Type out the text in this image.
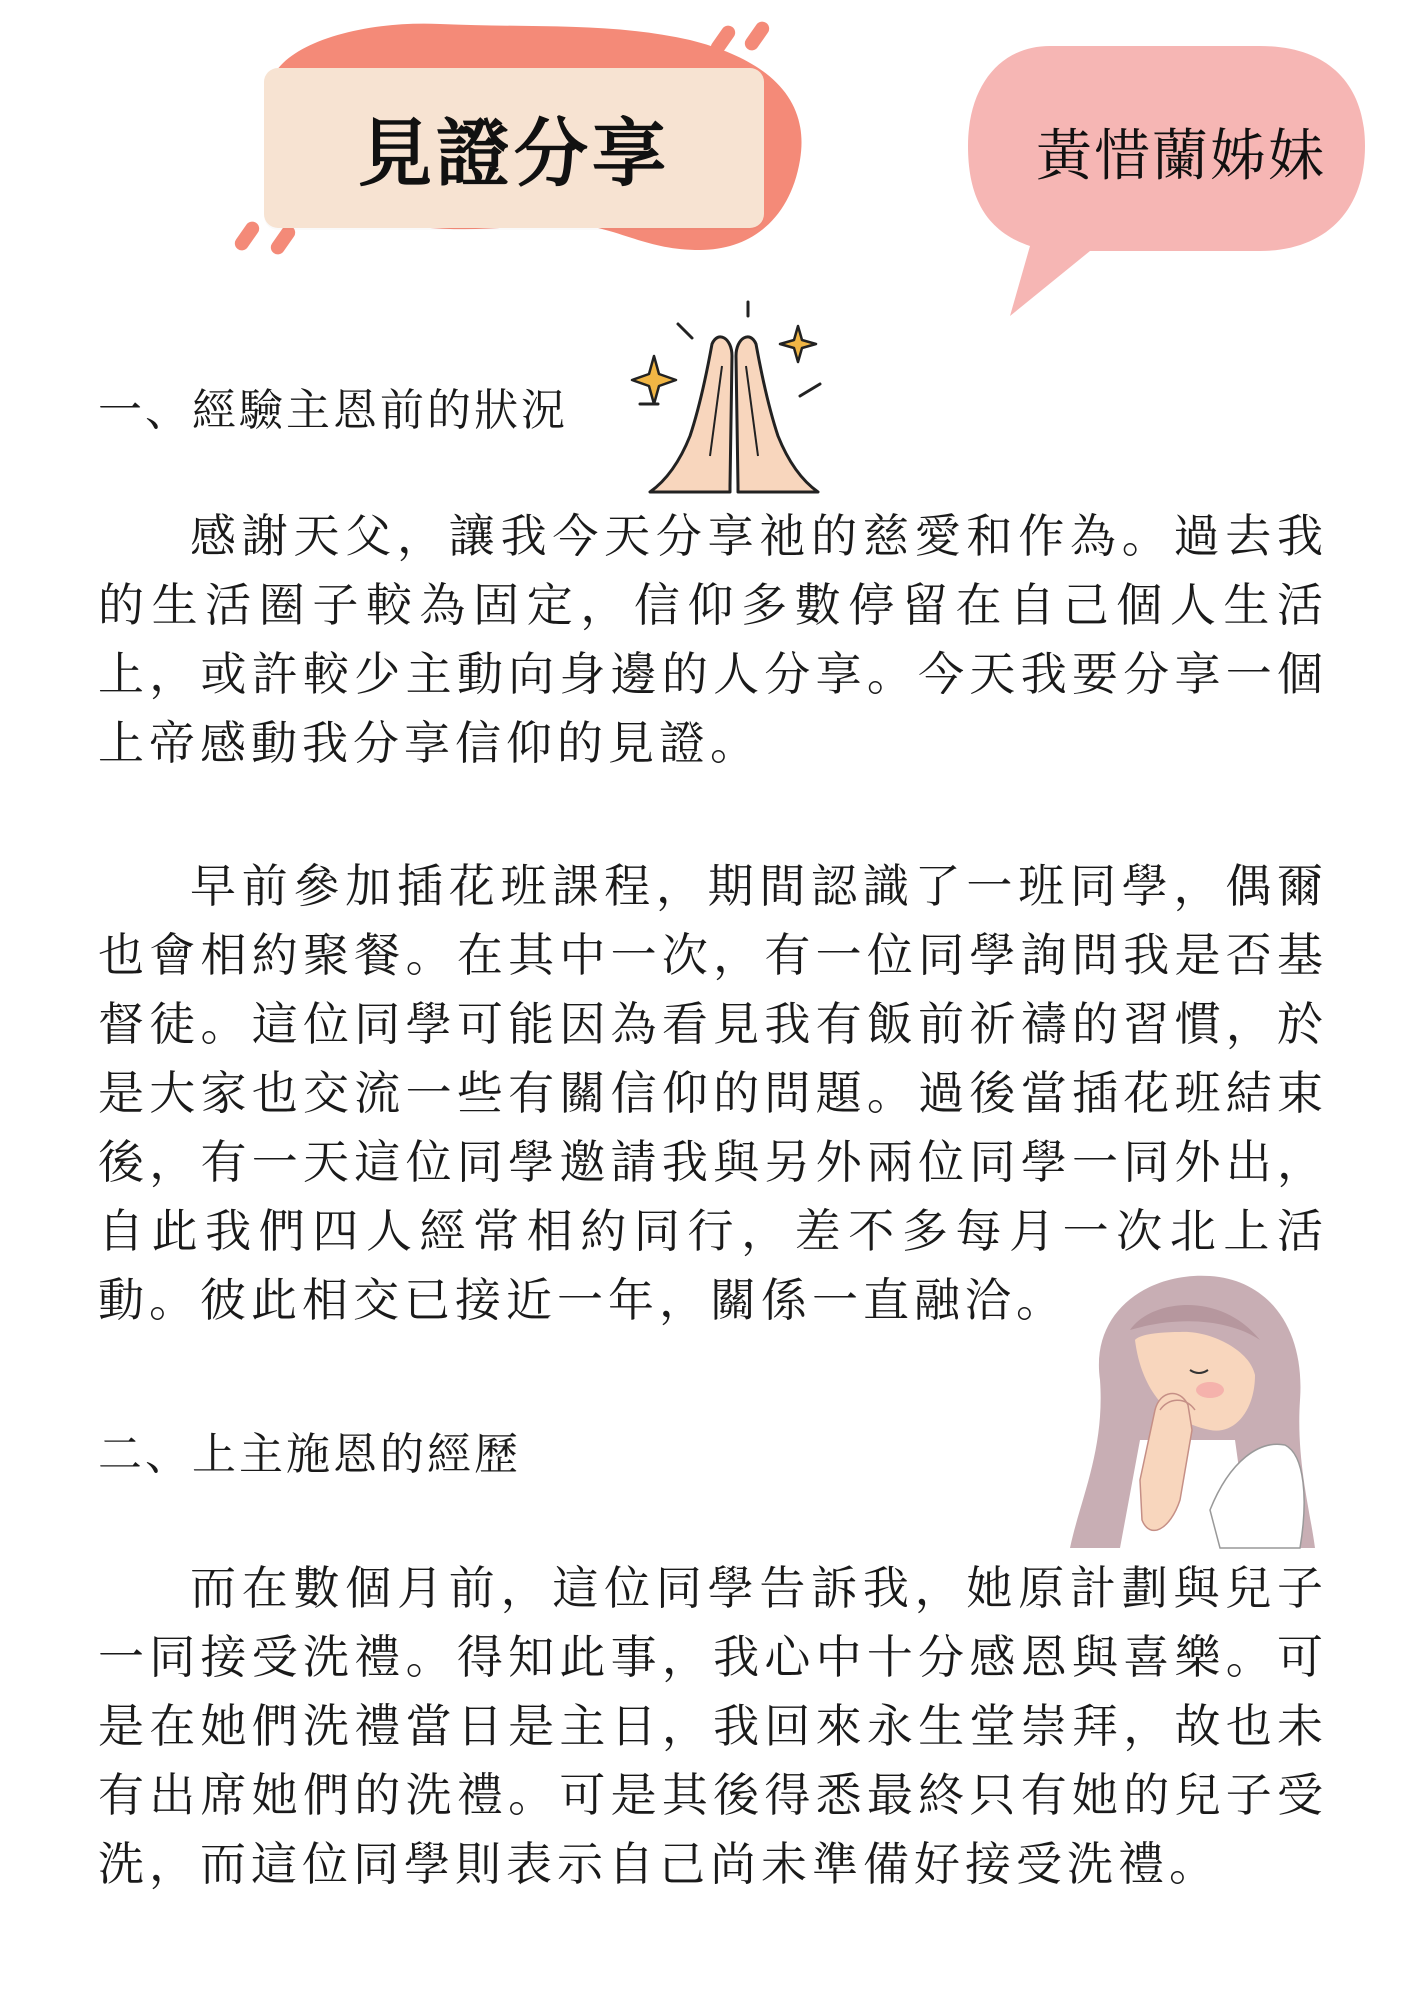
見證分享	黃惜蘭姊妹
一、經驗主恩前的狀況

感謝天父，讓我今天分享祂的慈愛和作為。過去我的生活圈子較為固定，信仰多數停留在自己個人生活上，或許較少主動向身邊的人分享。今天我要分享一個上帝感動我分享信仰的見證。

早前參加插花班課程，期間認識了一班同學，偶爾也會相約聚餐。在其中一次，有一位同學詢問我是否基督徒。這位同學可能因為看見我有飯前祈禱的習慣，於是大家也交流一些有關信仰的問題。過後當插花班結束後，有一天這位同學邀請我與另外兩位同學一同外出，自此我們四人經常相約同行，差不多每月一次北上活動。彼此相交已接近一年，關係一直融洽。

二、上主施恩的經歷

而在數個月前，這位同學告訴我，她原計劃與兒子一同接受洗禮。得知此事，我心中十分感恩與喜樂。可是在她們洗禮當日是主日，我回來永生堂崇拜，故也未有出席她們的洗禮。可是其後得悉最終只有她的兒子受洗，而這位同學則表示自己尚未準備好接受洗禮。
